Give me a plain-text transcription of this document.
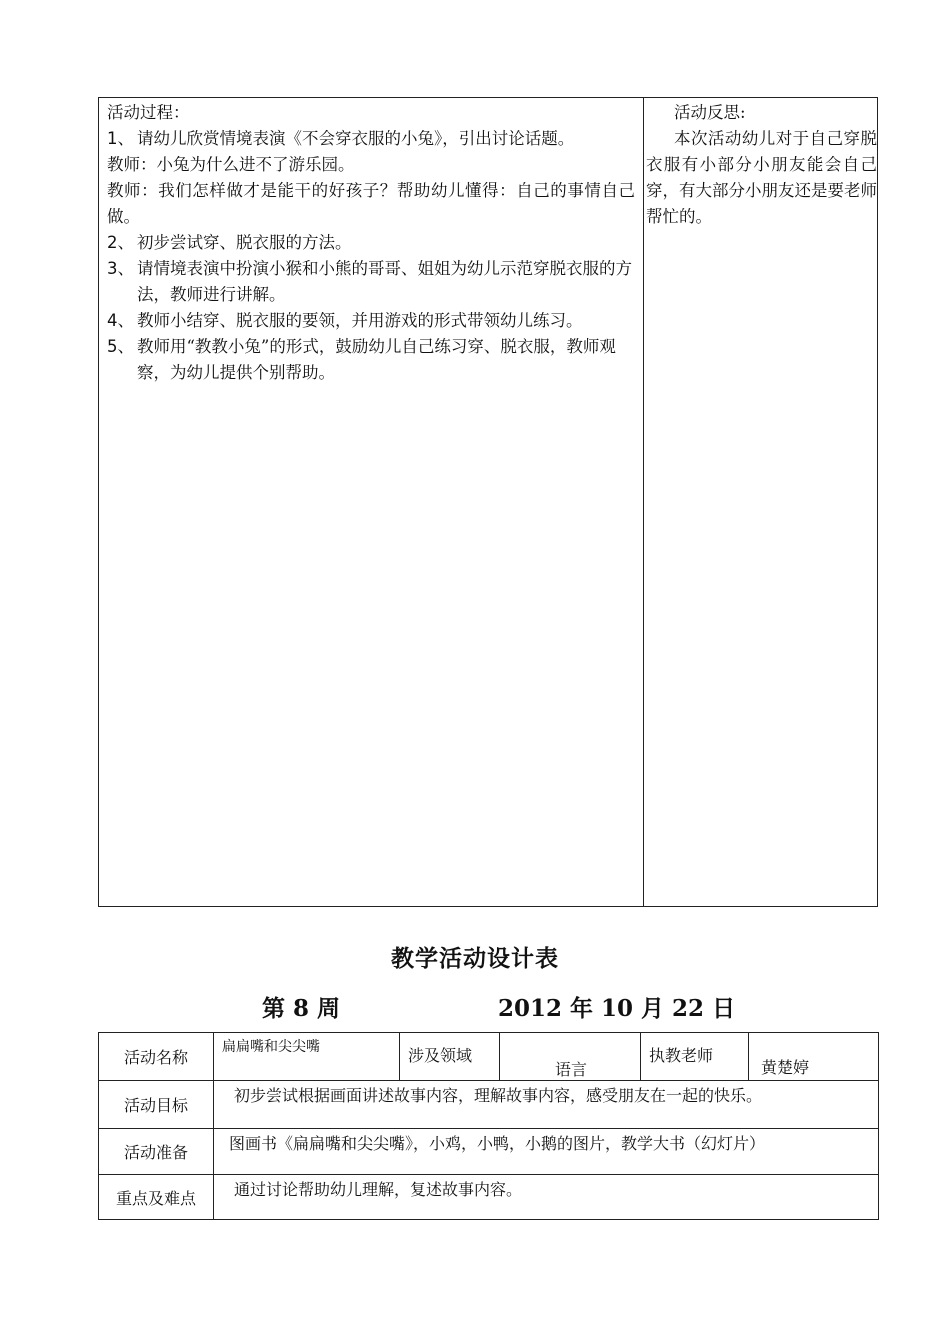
活动过程：

1、 请幼儿欣赏情境表演《不会穿衣服的小兔》，引出讨论话题。

教师：小兔为什么进不了游乐园。

教师：我们怎样做才是能干的好孩子？帮助幼儿懂得：自己的事情自己做。

2、 初步尝试穿、脱衣服的方法。
3、 请情境表演中扮演小猴和小熊的哥哥、姐姐为幼儿示范穿脱衣服的方法，教师进行讲解。
4、 教师小结穿、脱衣服的要领，并用游戏的形式带领幼儿练习。
5、 教师用“教教小兔”的形式，鼓励幼儿自己练习穿、脱衣服，教师观察，为幼儿提供个别帮助。

活动反思:

本次活动幼儿对于自己穿脱衣服有小部分小朋友能会自己穿，有大部分小朋友还是要老师帮忙的。

教学活动设计表
第 8 周	2012 年 10 月 22 日
活动名称	扁扁嘴和尖尖嘴	涉及领域	语言	执教老师	黄楚婷

活动目标	初步尝试根据画面讲述故事内容，理解故事内容，感受朋友在一起的快乐。				

活动准备	图画书《扁扁嘴和尖尖嘴》，小鸡，小鸭，小鹅的图片，教学大书（幻灯片）				

重点及难点	通过讨论帮助幼儿理解，复述故事内容。				
